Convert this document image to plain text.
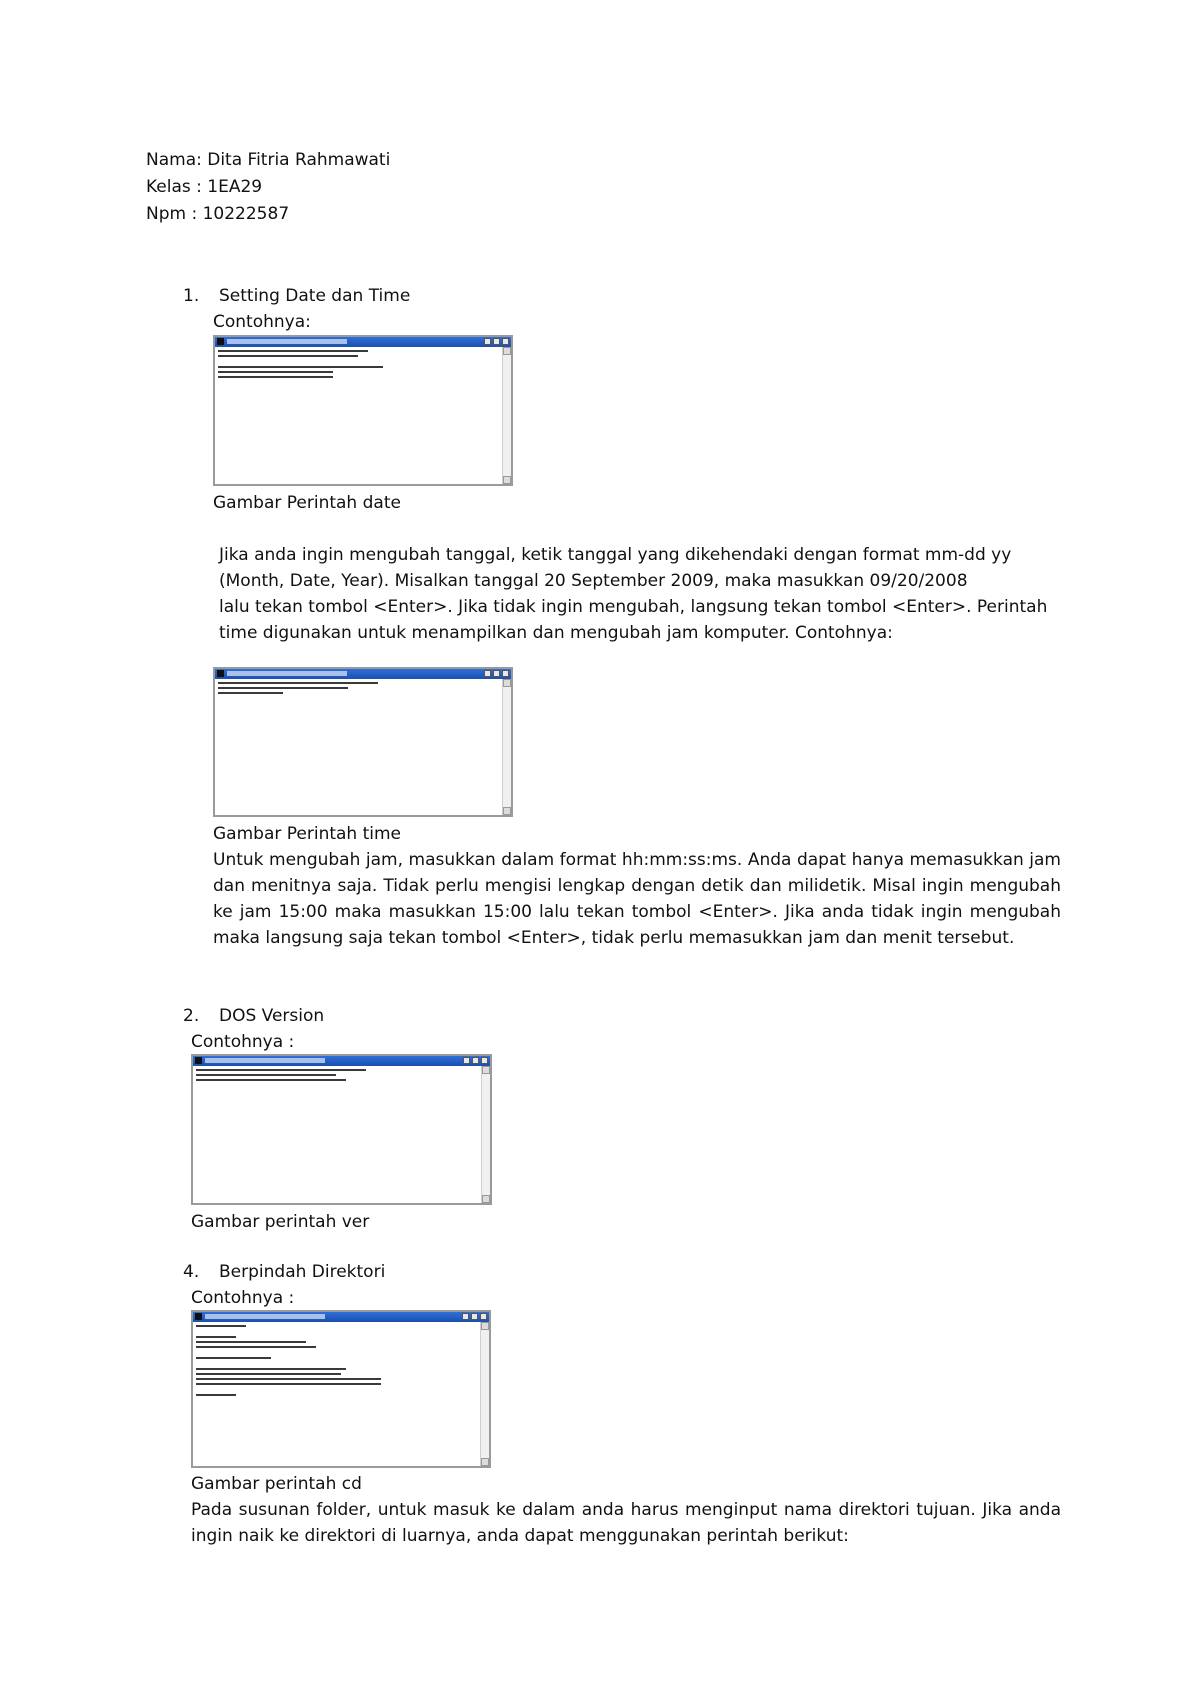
Nama: Dita Fitria Rahmawati
Kelas : 1EA29
Npm : 10222587
1. Setting Date dan Time
Contohnya:
Gambar Perintah date
Jika anda ingin mengubah tanggal, ketik tanggal yang dikehendaki dengan format mm-dd yy
(Month, Date, Year). Misalkan tanggal 20 September 2009, maka masukkan 09/20/2008
lalu tekan tombol <Enter>. Jika tidak ingin mengubah, langsung tekan tombol <Enter>. Perintah
time digunakan untuk menampilkan dan mengubah jam komputer. Contohnya:
Gambar Perintah time
Untuk mengubah jam, masukkan dalam format hh:mm:ss:ms. Anda dapat hanya memasukkan jam dan menitnya saja. Tidak perlu mengisi lengkap dengan detik dan milidetik. Misal ingin mengubah ke jam 15:00 maka masukkan 15:00 lalu tekan tombol <Enter>. Jika anda tidak ingin mengubah maka langsung saja tekan tombol <Enter>, tidak perlu memasukkan jam dan menit tersebut.
2. DOS Version
Contohnya :
Gambar perintah ver
4. Berpindah Direktori
Contohnya :
Gambar perintah cd
Pada susunan folder, untuk masuk ke dalam anda harus menginput nama direktori tujuan. Jika anda ingin naik ke direktori di luarnya, anda dapat menggunakan perintah berikut:
